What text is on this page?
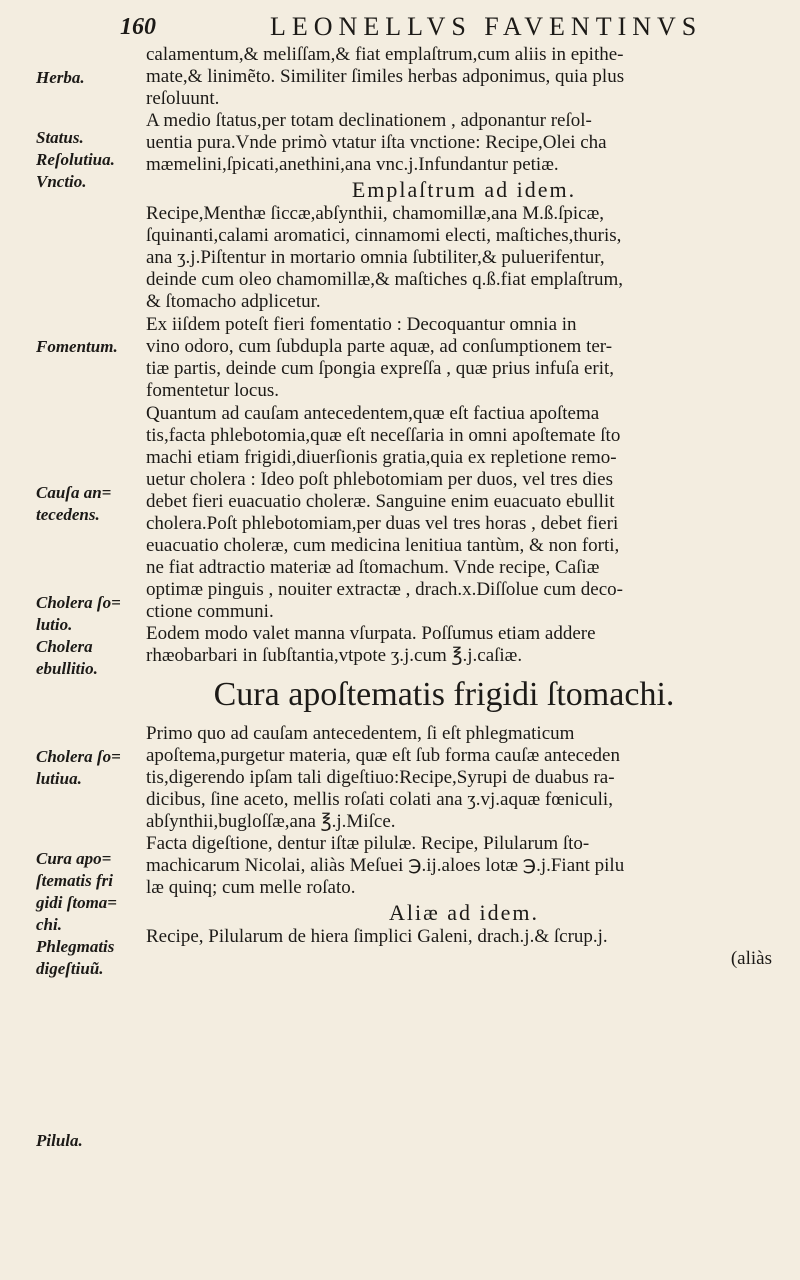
160	LEONELLVS FAVENTINVS
Herba.
Status.
Reſolutiua.
Vnctio.
Fomentum.
Cauſa an=
tecedens.
Cholera ſo=
lutio.
Cholera
ebullitio.
Cholera ſo=
lutiua.
Cura apo=
ſtematis fri
gidi ſtoma=
chi.
Phlegmatis
digeſtiuũ.
Pilula.
calamentum,& meliſſam,& fiat emplaſtrum,cum aliis in epithe-
mate,& linimẽto. Similiter ſimiles herbas adponimus, quia plus
reſoluunt.
A medio ſtatus,per totam declinationem , adponantur reſol-
uentia pura.Vnde primò vtatur iſta vnctione: Recipe,Olei cha
mæmelini,ſpicati,anethini,ana vnc.j.Infundantur petiæ.
Emplaſtrum ad idem.
Recipe,Menthæ ſiccæ,abſynthii, chamomillæ,ana M.ß.ſpicæ,
ſquinanti,calami aromatici, cinnamomi electi, maſtiches,thuris,
ana ʒ.j.Piſtentur in mortario omnia ſubtiliter,& puluerifentur,
deinde cum oleo chamomillæ,& maſtiches q.ß.fiat emplaſtrum,
& ſtomacho adplicetur.
Ex iiſdem poteſt fieri fomentatio : Decoquantur omnia in
vino odoro, cum ſubdupla parte aquæ, ad conſumptionem ter-
tiæ partis, deinde cum ſpongia expreſſa , quæ prius infuſa erit,
fomentetur locus.
Quantum ad cauſam antecedentem,quæ eſt factiua apoſtema
tis,facta phlebotomia,quæ eſt neceſſaria in omni apoſtemate ſto
machi etiam frigidi,diuerſionis gratia,quia ex repletione remo-
uetur cholera : Ideo poſt phlebotomiam per duos, vel tres dies
debet fieri euacuatio choleræ. Sanguine enim euacuato ebullit
cholera.Poſt phlebotomiam,per duas vel tres horas , debet fieri
euacuatio choleræ, cum medicina lenitiua tantùm, & non forti,
ne fiat adtractio materiæ ad ſtomachum. Vnde recipe, Caſiæ
optimæ pinguis , nouiter extractæ , drach.x.Diſſolue cum deco-
ctione communi.
Eodem modo valet manna vſurpata. Poſſumus etiam addere
rhæobarbari in ſubſtantia,vtpote ʒ.j.cum ℥.j.caſiæ.
Cura apoſtematis frigidi ſtomachi.
Primo quo ad cauſam antecedentem, ſi eſt phlegmaticum
apoſtema,purgetur materia, quæ eſt ſub forma cauſæ anteceden
tis,digerendo ipſam tali digeſtiuo:Recipe,Syrupi de duabus ra-
dicibus, ſine aceto, mellis roſati colati ana ʒ.vj.aquæ fœniculi,
abſynthii,bugloſſæ,ana ℥.j.Miſce.
Facta digeſtione, dentur iſtæ pilulæ. Recipe, Pilularum ſto-
machicarum Nicolai, aliàs Meſuei ℈.ij.aloes lotæ ℈.j.Fiant pilu
læ quinq; cum melle roſato.
Aliæ ad idem.
Recipe, Pilularum de hiera ſimplici Galeni, drach.j.& ſcrup.j.
(aliàs
